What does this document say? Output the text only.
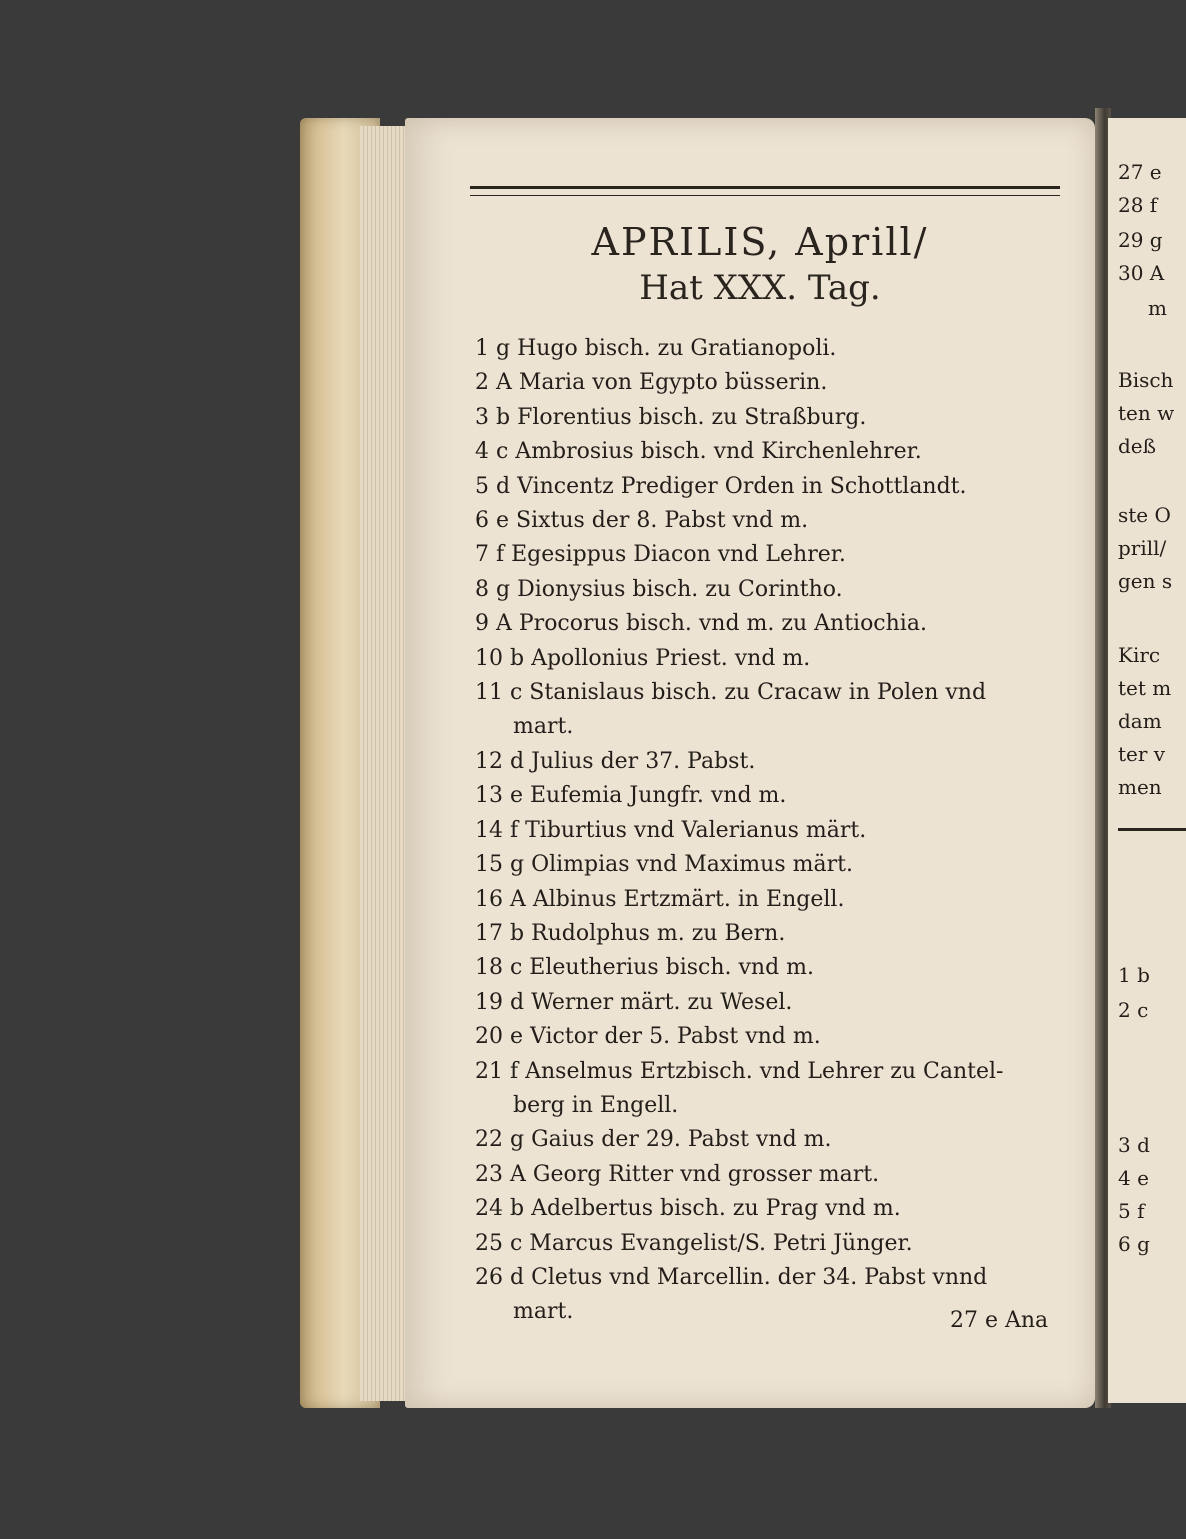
APRILIS, Aprill/
Hat XXX. Tag.
1 g Hugo bisch. zu Gratianopoli.
2 A Maria von Egypto büsserin.
3 b Florentius bisch. zu Straßburg.
4 c Ambrosius bisch. vnd Kirchenlehrer.
5 d Vincentz Prediger Orden in Schottlandt.
6 e Sixtus der 8. Pabst vnd m.
7 f Egesippus Diacon vnd Lehrer.
8 g Dionysius bisch. zu Corintho.
9 A Procorus bisch. vnd m. zu Antiochia.
10 b Apollonius Priest. vnd m.
11 c Stanislaus bisch. zu Cracaw in Polen vnd
mart.
12 d Julius der 37. Pabst.
13 e Eufemia Jungfr. vnd m.
14 f Tiburtius vnd Valerianus märt.
15 g Olimpias vnd Maximus märt.
16 A Albinus Ertzmärt. in Engell.
17 b Rudolphus m. zu Bern.
18 c Eleutherius bisch. vnd m.
19 d Werner märt. zu Wesel.
20 e Victor der 5. Pabst vnd m.
21 f Anselmus Ertzbisch. vnd Lehrer zu Cantel-
berg in Engell.
22 g Gaius der 29. Pabst vnd m.
23 A Georg Ritter vnd grosser mart.
24 b Adelbertus bisch. zu Prag vnd m.
25 c Marcus Evangelist/S. Petri Jünger.
26 d Cletus vnd Marcellin. der 34. Pabst vnnd
mart.	27 e Ana
27 e
28 f
29 g
30 A
m
Bisch
ten w
deß
ste O
prill/
gen s
Kirc
tet m
dam
ter v
men
1 b
2 c
3 d
4 e
5 f
6 g
